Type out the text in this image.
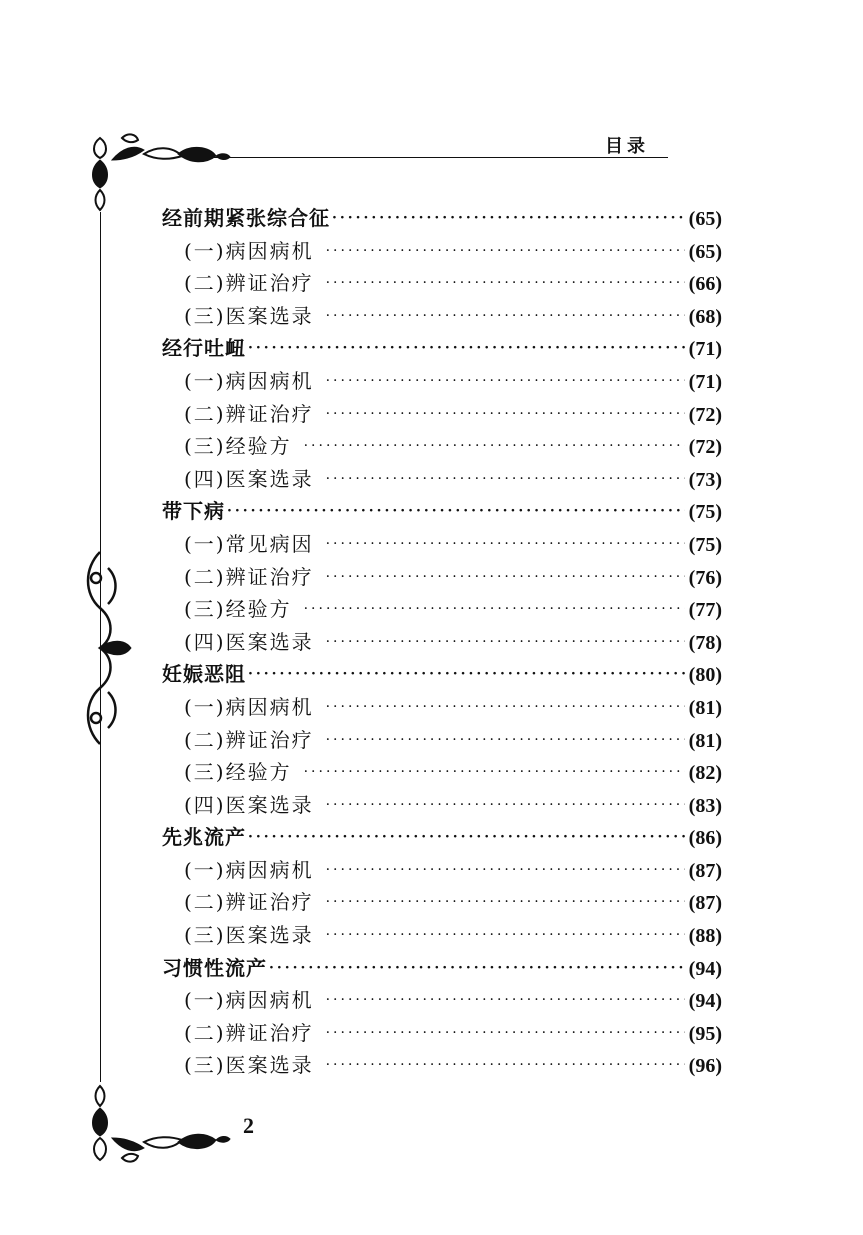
目录
经前期紧张综合征 ·····	(65)
(一)病因病机 ·····	(65)
(二)辨证治疗 ·····	(66)
(三)医案选录 ·····	(68)
经行吐衄 ·····	(71)
(一)病因病机 ·····	(71)
(二)辨证治疗 ·····	(72)
(三)经验方 ·····	(72)
(四)医案选录 ·····	(73)
带下病 ·····	(75)
(一)常见病因 ·····	(75)
(二)辨证治疗 ·····	(76)
(三)经验方 ·····	(77)
(四)医案选录 ·····	(78)
妊娠恶阻 ·····	(80)
(一)病因病机 ·····	(81)
(二)辨证治疗 ·····	(81)
(三)经验方 ·····	(82)
(四)医案选录 ·····	(83)
先兆流产 ·····	(86)
(一)病因病机 ·····	(87)
(二)辨证治疗 ·····	(87)
(三)医案选录 ·····	(88)
习惯性流产 ·····	(94)
(一)病因病机 ·····	(94)
(二)辨证治疗 ·····	(95)
(三)医案选录 ·····	(96)
2
